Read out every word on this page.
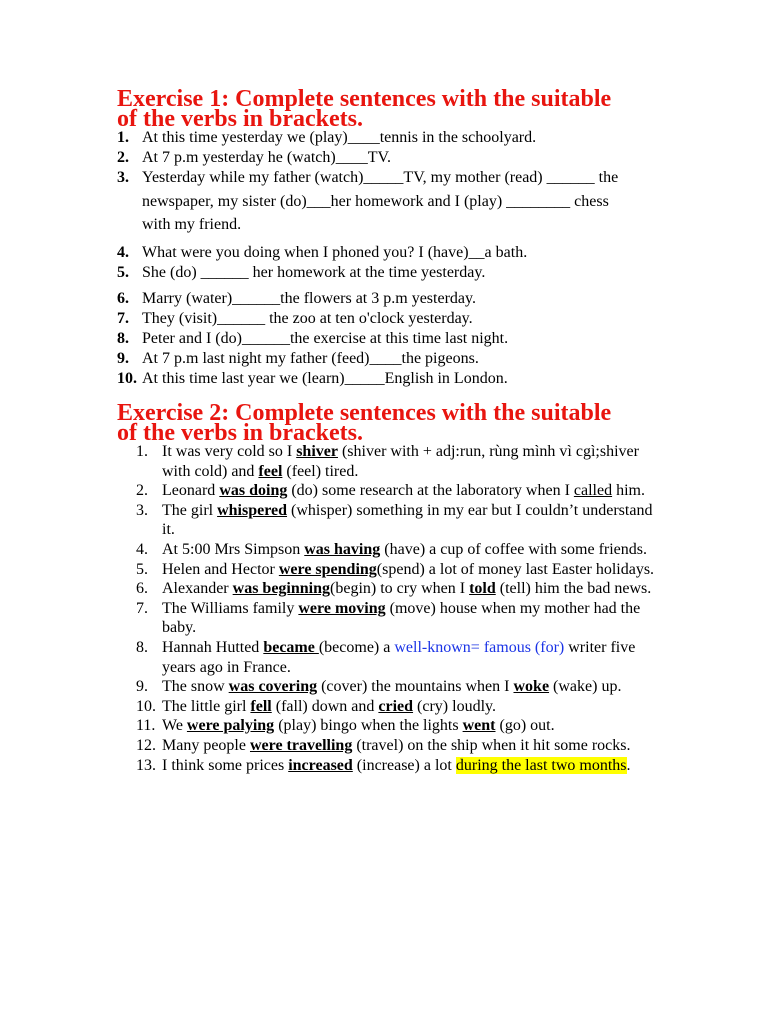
Exercise 1: Complete sentences with the suitable of the verbs in brackets.
1. At this time yesterday we (play)____tennis in the schoolyard.
2. At 7 p.m yesterday he (watch)____TV.
3. Yesterday while my father (watch)_____TV, my mother (read) ______ the newspaper, my sister (do)___her homework and I (play) ________ chess with my friend.
4. What were you doing when I phoned you? I (have)__a bath.
5. She (do) ______ her homework at the time yesterday.
6. Marry (water)______the flowers at 3 p.m yesterday.
7. They (visit)______ the zoo at ten o'clock yesterday.
8. Peter and I (do)______the exercise at this time last night.
9. At 7 p.m last night my father (feed)____the pigeons.
10. At this time last year we (learn)_____English in London.
Exercise 2: Complete sentences with the suitable of the verbs in brackets.
1. It was very cold so I shiver (shiver with + adj:run, rùng mình vì cgì;shiver with cold) and feel (feel) tired.
2. Leonard was doing (do) some research at the laboratory when I called him.
3. The girl whispered (whisper) something in my ear but I couldn’t understand it.
4. At 5:00 Mrs Simpson was having (have) a cup of coffee with some friends.
5. Helen and Hector were spending(spend) a lot of money last Easter holidays.
6. Alexander was beginning(begin) to cry when I told (tell) him the bad news.
7. The Williams family were moving (move) house when my mother had the baby.
8. Hannah Hutted became (become) a well-known= famous (for) writer five years ago in France.
9. The snow was covering (cover) the mountains when I woke (wake) up.
10. The little girl fell (fall) down and cried (cry) loudly.
11. We were palying (play) bingo when the lights went (go) out.
12. Many people were travelling (travel) on the ship when it hit some rocks.
13. I think some prices increased (increase) a lot during the last two months.
